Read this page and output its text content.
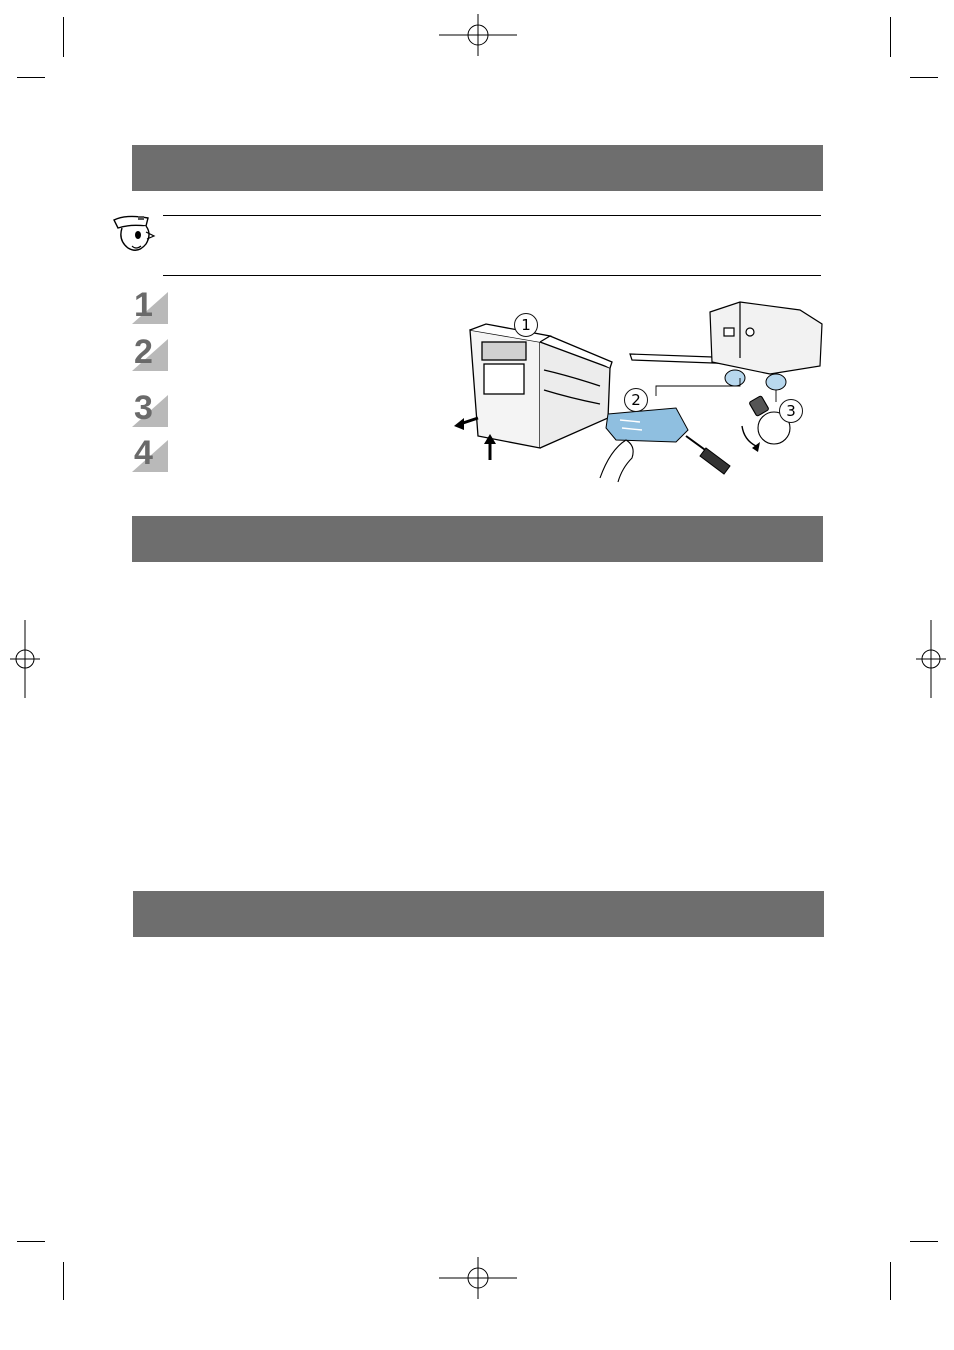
1
2
3
4
1
2
3
